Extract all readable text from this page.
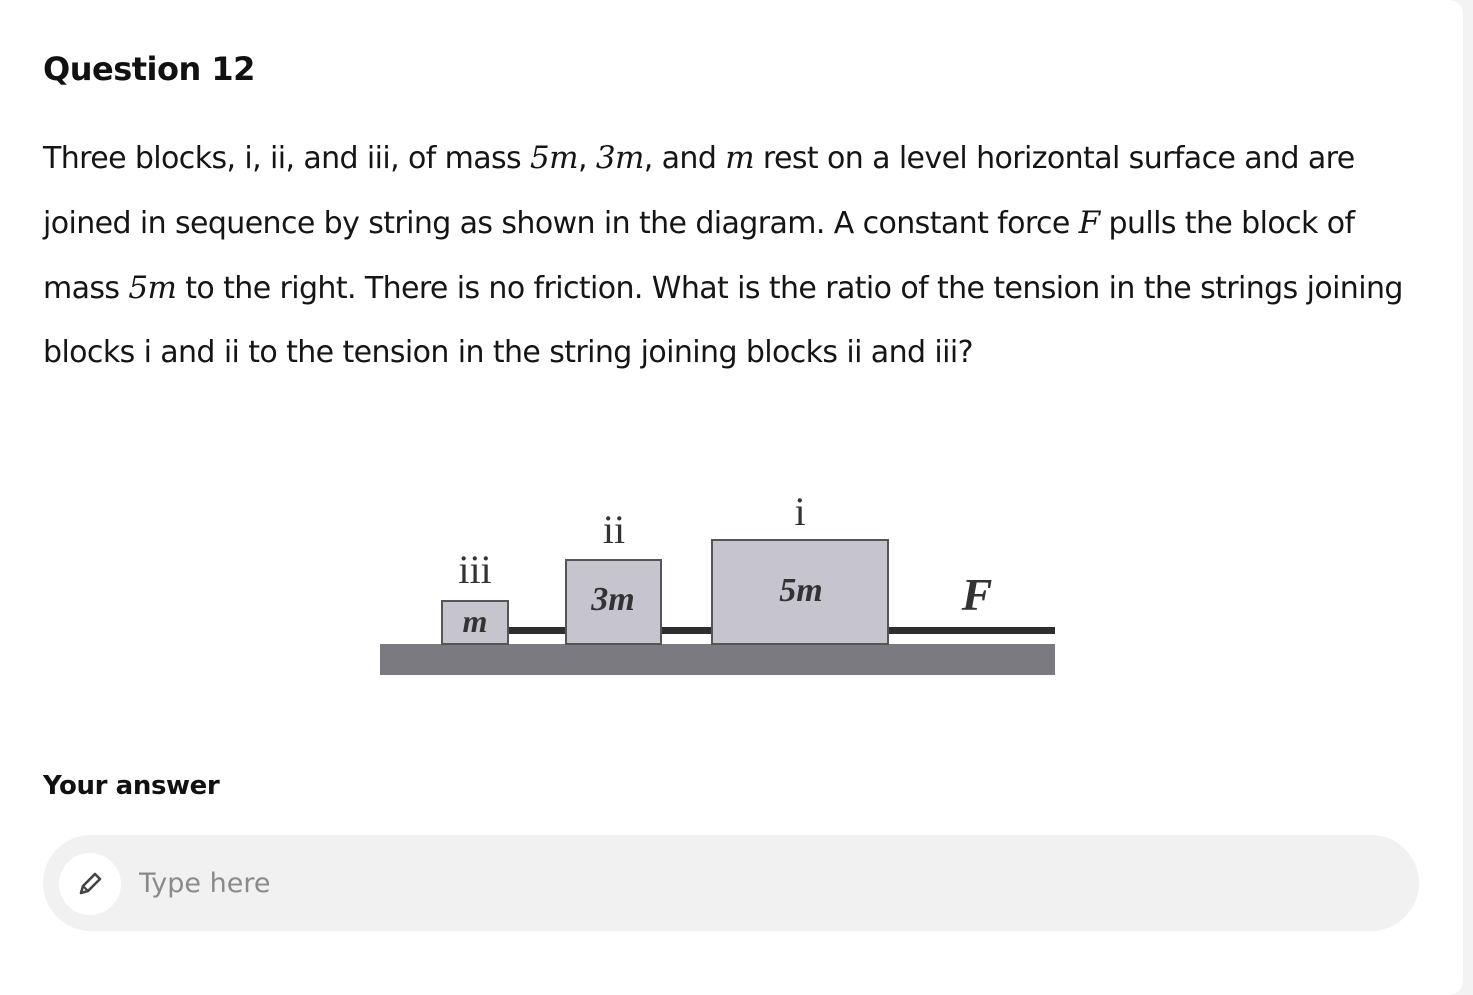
Question 12

Three blocks, i, ii, and iii, of mass 5m, 3m, and m rest on a level horizontal surface and are joined in sequence by string as shown in the diagram. A constant force F pulls the block of mass 5m to the right. There is no friction. What is the ratio of the tension in the strings joining blocks i and ii to the tension in the string joining blocks ii and iii?

m
iii
3m
ii
5m
i
F
Your answer
Type here
